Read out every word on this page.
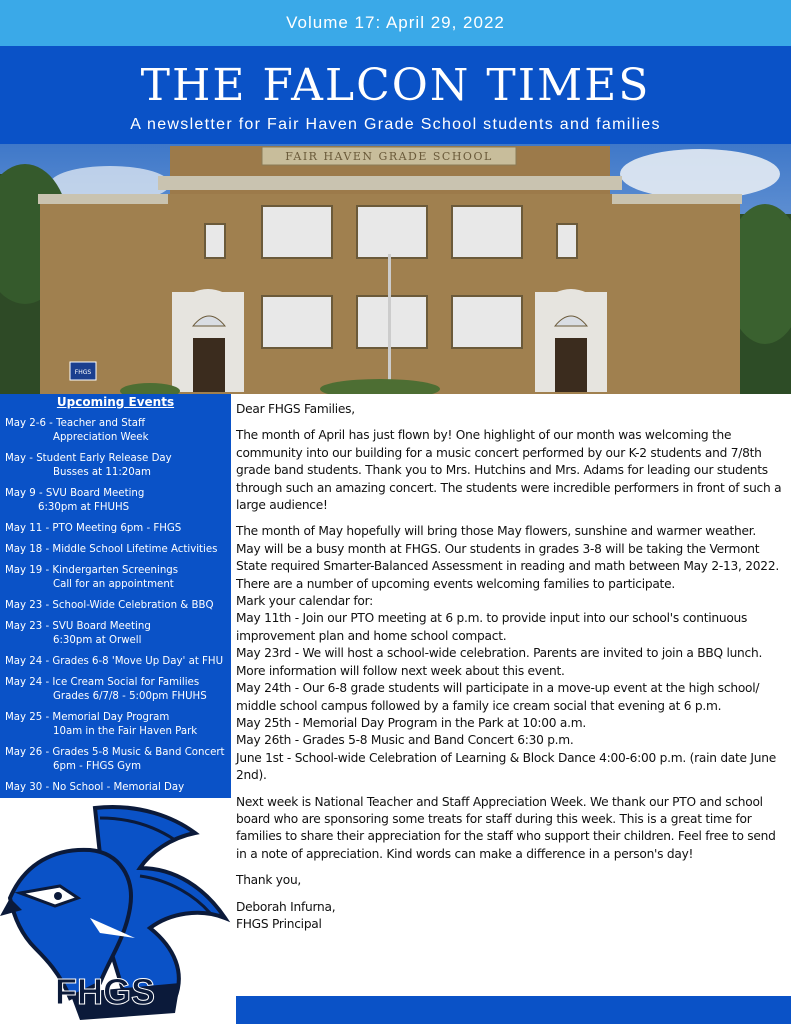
Volume 17: April 29, 2022
THE FALCON TIMES
A newsletter for Fair Haven Grade School students and families
FAIR HAVEN GRADE SCHOOL
FHGS
Upcoming Events
May 2-6 - Teacher and Staff
Appreciation Week
May - Student Early Release Day
Busses at 11:20am
May 9 - SVU Board Meeting
6:30pm at FHUHS
May 11 - PTO Meeting 6pm - FHGS
May 18 - Middle School Lifetime Activities
May 19 - Kindergarten Screenings
Call for an appointment
May 23 - School-Wide Celebration & BBQ
May 23 - SVU Board Meeting
6:30pm at Orwell
May 24 - Grades 6-8 'Move Up Day' at FHU
May 24 - Ice Cream Social for Families
Grades 6/7/8 - 5:00pm FHUHS
May 25 - Memorial Day Program
10am in the Fair Haven Park
May 26 - Grades 5-8 Music & Band Concert
6pm - FHGS Gym
May 30 - No School - Memorial Day
FHGS

Dear FHGS Families,

The month of April has just flown by! One highlight of our month was welcoming the community into our building for a music concert performed by our K-2 students and 7/8th grade band students. Thank you to Mrs. Hutchins and Mrs. Adams for leading our students through such an amazing concert. The students were incredible performers in front of such a large audience!

The month of May hopefully will bring those May flowers, sunshine and warmer weather. May will be a busy month at FHGS. Our students in grades 3-8 will be taking the Vermont State required Smarter-Balanced Assessment in reading and math between May 2-13, 2022.

There are a number of upcoming events welcoming families to participate.
Mark your calendar for:
May 11th - Join our PTO meeting at 6 p.m. to provide input into our school's continuous improvement plan and home school compact.
May 23rd - We will host a school-wide celebration. Parents are invited to join a BBQ lunch. More information will follow next week about this event.
May 24th - Our 6-8 grade students will participate in a move-up event at the high school/ middle school campus followed by a family ice cream social that evening at 6 p.m.
May 25th - Memorial Day Program in the Park at 10:00 a.m.
May 26th - Grades 5-8 Music and Band Concert 6:30 p.m.
June 1st - School-wide Celebration of Learning & Block Dance 4:00-6:00 p.m. (rain date June 2nd).

Next week is National Teacher and Staff Appreciation Week. We thank our PTO and school board who are sponsoring some treats for staff during this week. This is a great time for families to share their appreciation for the staff who support their children. Feel free to send in a note of appreciation. Kind words can make a difference in a person's day!

Thank you,

Deborah Infurna,
FHGS Principal
